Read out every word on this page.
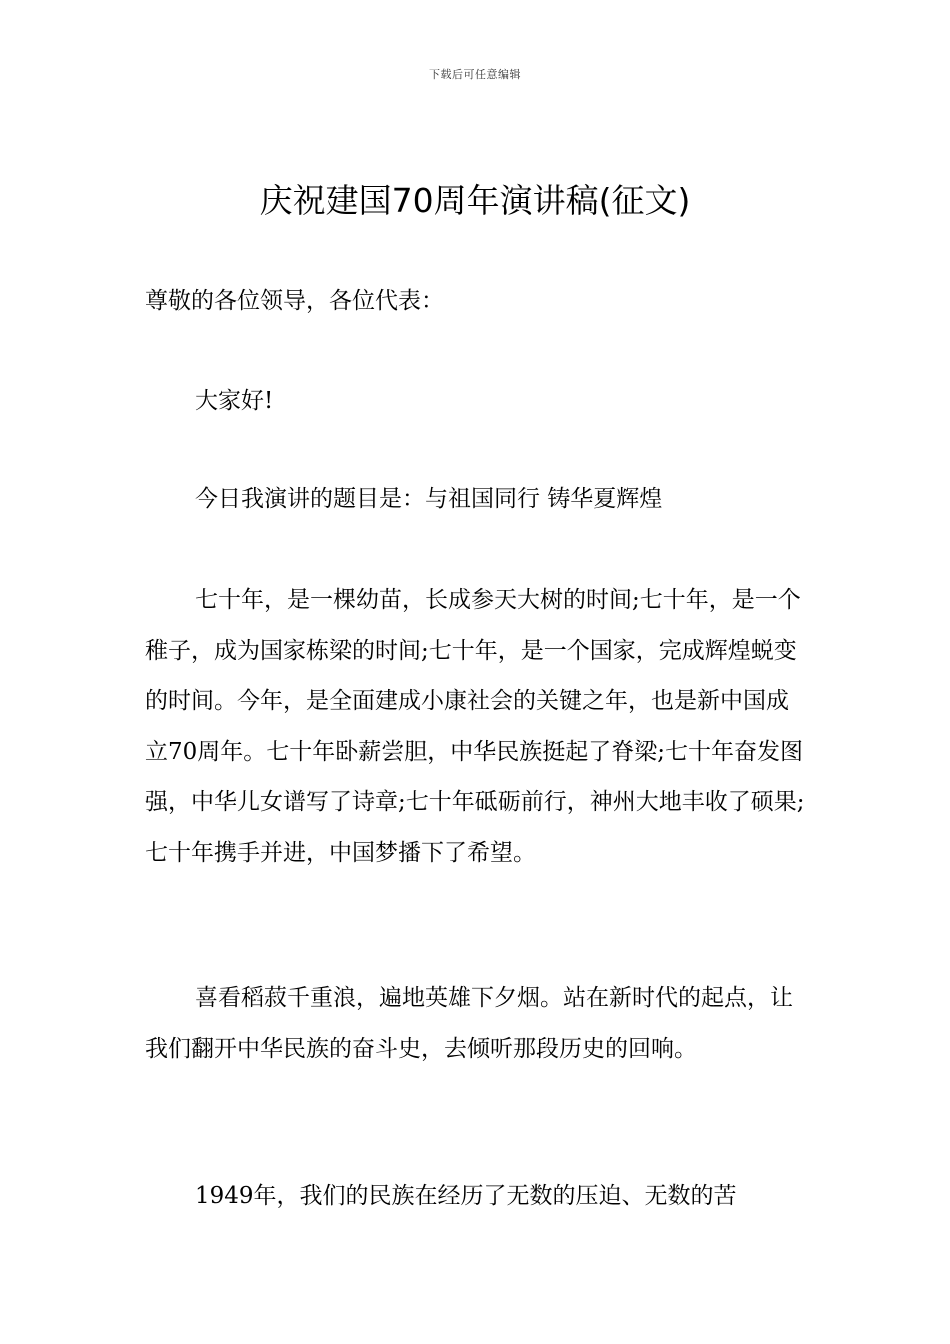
下载后可任意编辑
庆祝建国70周年演讲稿(征文)

尊敬的各位领导，各位代表：

大家好!

今日我演讲的题目是：与祖国同行 铸华夏辉煌

七十年，是一棵幼苗，长成参天大树的时间;七十年，是一个稚子，成为国家栋梁的时间;七十年，是一个国家，完成辉煌蜕变的时间。今年，是全面建成小康社会的关键之年，也是新中国成立70周年。七十年卧薪尝胆，中华民族挺起了脊梁;七十年奋发图强，中华儿女谱写了诗章;七十年砥砺前行，神州大地丰收了硕果;七十年携手并进，中国梦播下了希望。

喜看稻菽千重浪，遍地英雄下夕烟。站在新时代的起点，让我们翻开中华民族的奋斗史，去倾听那段历史的回响。

1949年，我们的民族在经历了无数的压迫、无数的苦
